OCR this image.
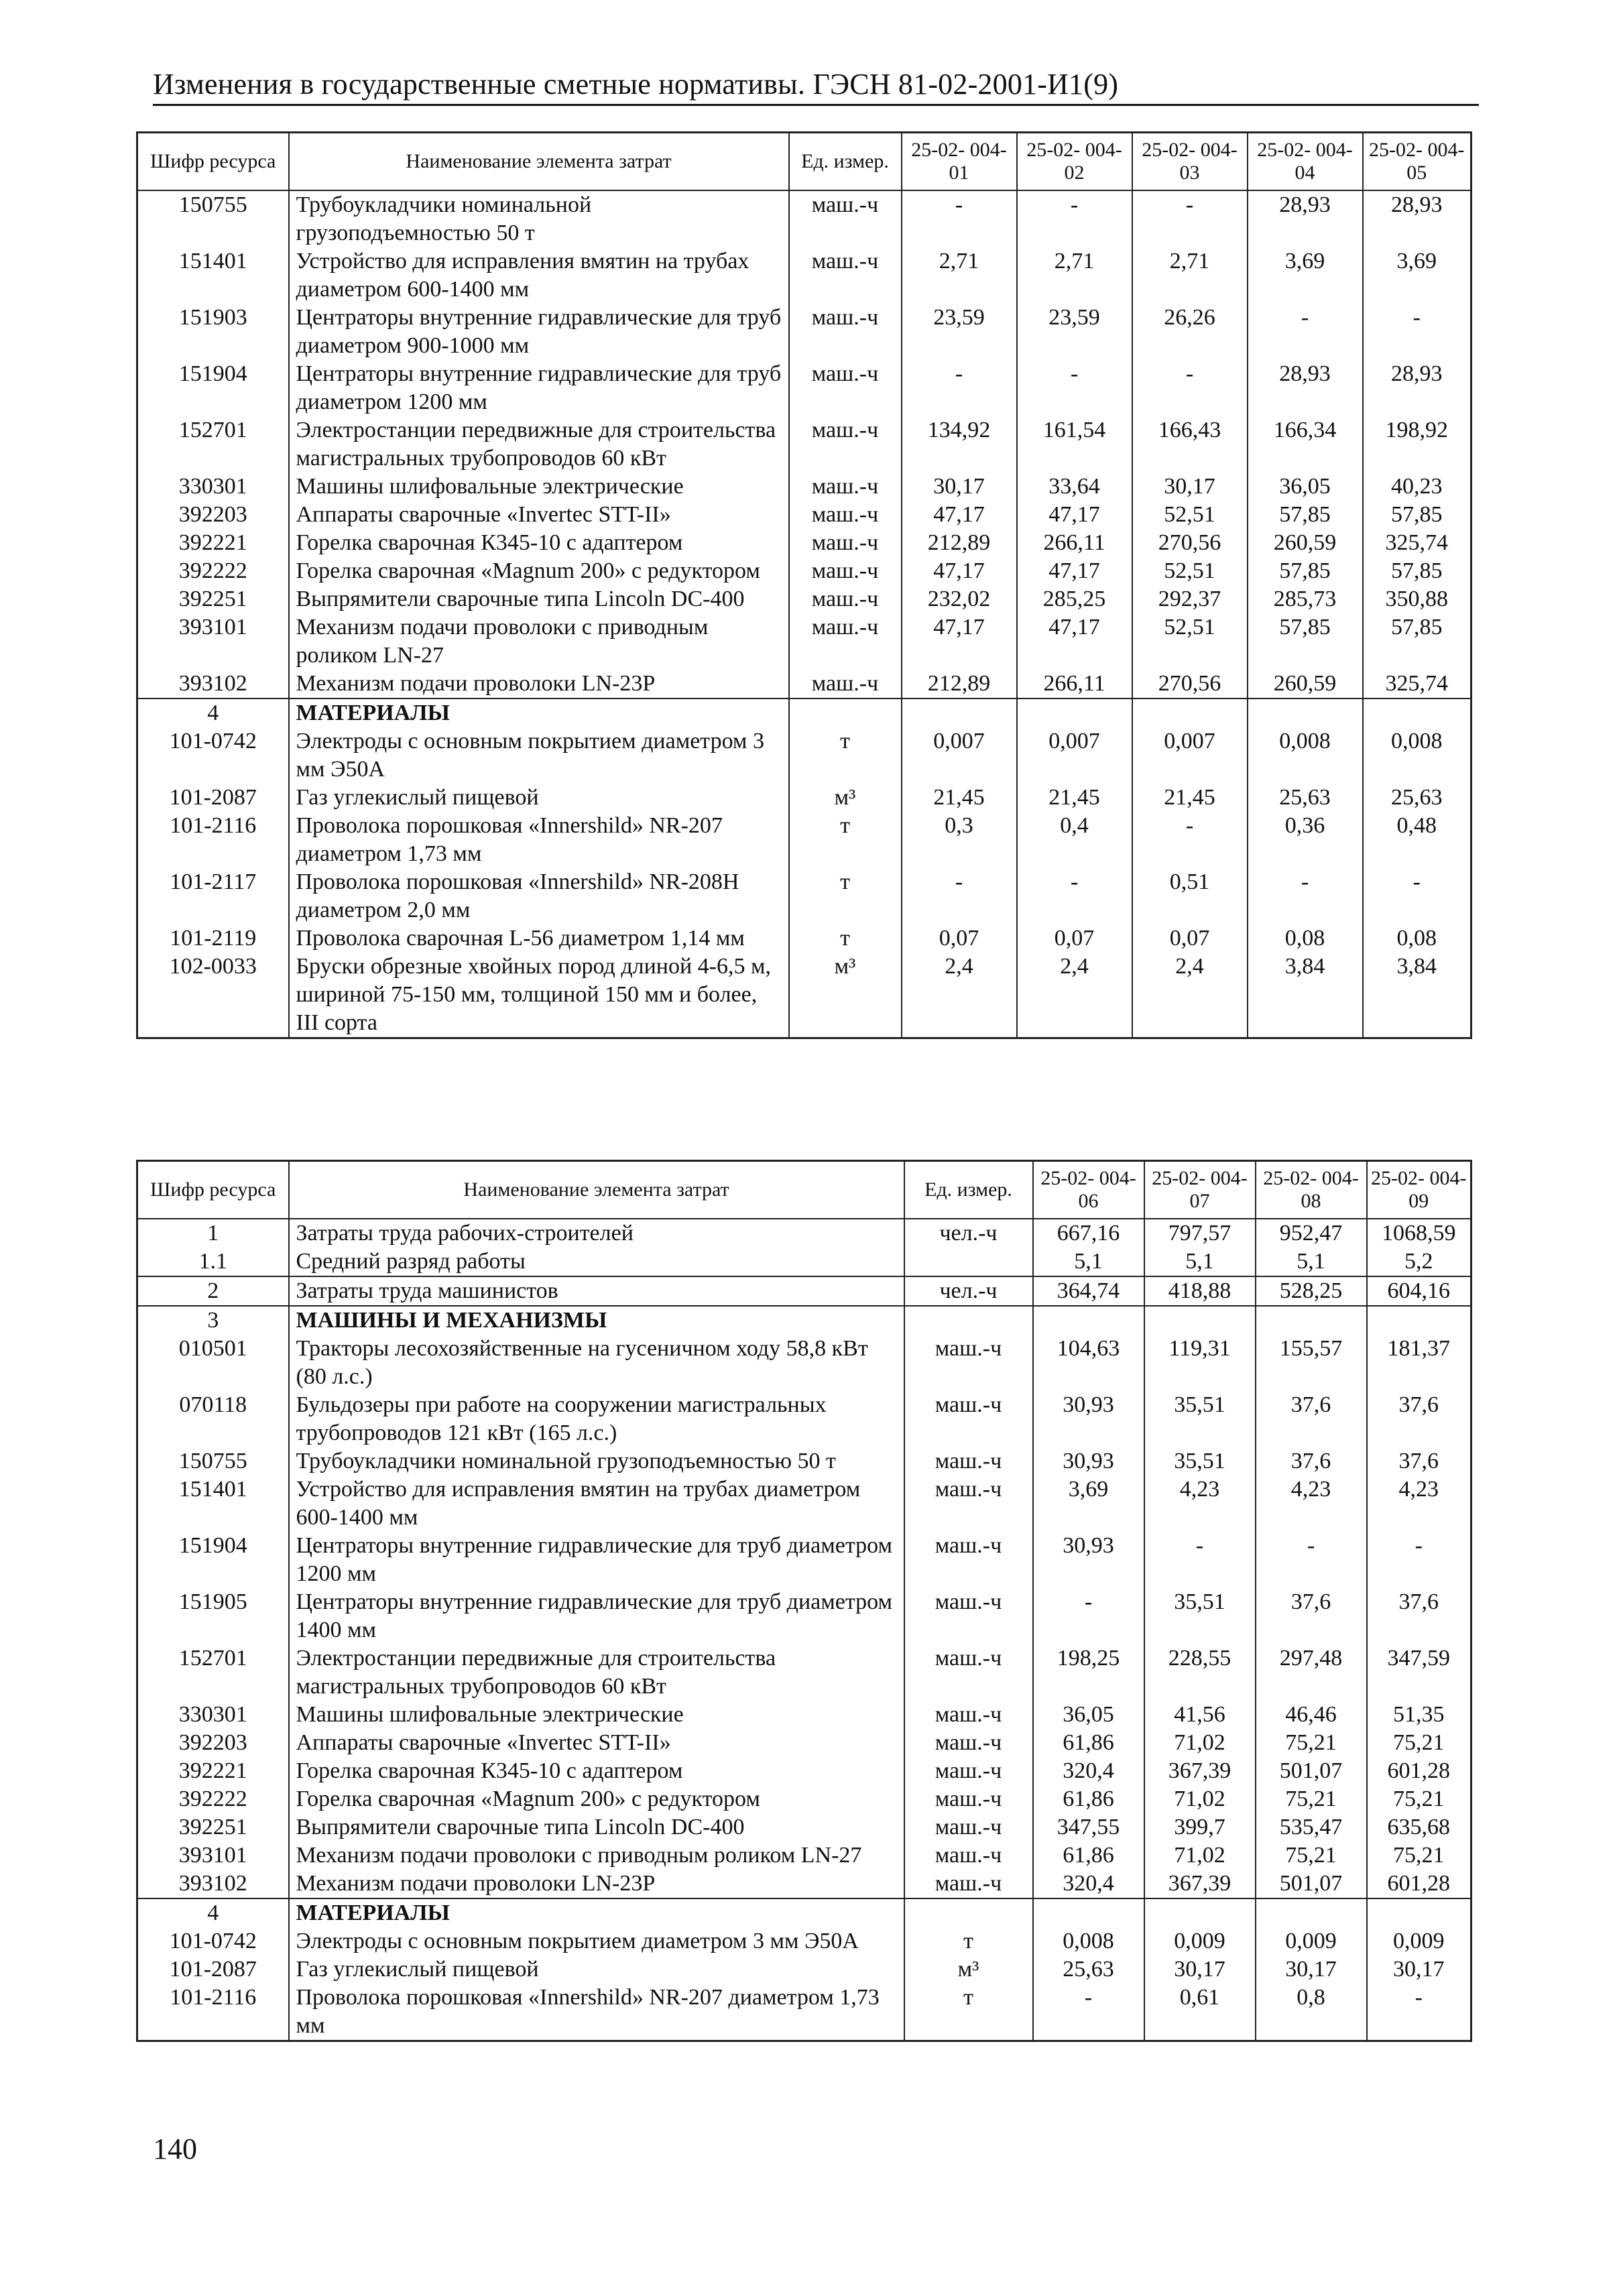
Изменения в государственные сметные нормативы. ГЭСН 81-02-2001-И1(9)
Шифр ресурса	Наименование элемента затрат	Ед. измер.	25-02- 004-01	25-02- 004-02	25-02- 004-03	25-02- 004-04	25-02- 004-05
150755	Трубоукладчики номинальной грузоподъемностью 50 т	маш.-ч	-	-	-	28,93	28,93
151401	Устройство для исправления вмятин на трубах диаметром 600-1400 мм	маш.-ч	2,71	2,71	2,71	3,69	3,69
151903	Центраторы внутренние гидравлические для труб диаметром 900-1000 мм	маш.-ч	23,59	23,59	26,26	-	-
151904	Центраторы внутренние гидравлические для труб диаметром 1200 мм	маш.-ч	-	-	-	28,93	28,93
152701	Электростанции передвижные для строительства магистральных трубопроводов 60 кВт	маш.-ч	134,92	161,54	166,43	166,34	198,92
330301	Машины шлифовальные электрические	маш.-ч	30,17	33,64	30,17	36,05	40,23
392203	Аппараты сварочные «Invertec STT-II»	маш.-ч	47,17	47,17	52,51	57,85	57,85
392221	Горелка сварочная К345-10 с адаптером	маш.-ч	212,89	266,11	270,56	260,59	325,74
392222	Горелка сварочная «Magnum 200» с редуктором	маш.-ч	47,17	47,17	52,51	57,85	57,85
392251	Выпрямители сварочные типа Lincoln DC-400	маш.-ч	232,02	285,25	292,37	285,73	350,88
393101	Механизм подачи проволоки с приводным роликом LN-27	маш.-ч	47,17	47,17	52,51	57,85	57,85
393102	Механизм подачи проволоки LN-23P	маш.-ч	212,89	266,11	270,56	260,59	325,74
4	МАТЕРИАЛЫ						
101-0742	Электроды с основным покрытием диаметром 3 мм Э50А	т	0,007	0,007	0,007	0,008	0,008
101-2087	Газ углекислый пищевой	м³	21,45	21,45	21,45	25,63	25,63
101-2116	Проволока порошковая «Innershild» NR-207 диаметром 1,73 мм	т	0,3	0,4	-	0,36	0,48
101-2117	Проволока порошковая «Innershild» NR-208H диаметром 2,0 мм	т	-	-	0,51	-	-
101-2119	Проволока сварочная L-56 диаметром 1,14 мм	т	0,07	0,07	0,07	0,08	0,08
102-0033	Бруски обрезные хвойных пород длиной 4-6,5 м, шириной 75-150 мм, толщиной 150 мм и более, III сорта	м³	2,4	2,4	2,4	3,84	3,84
Шифр ресурса	Наименование элемента затрат	Ед. измер.	25-02- 004-06	25-02- 004-07	25-02- 004-08	25-02- 004-09
1	Затраты труда рабочих-строителей	чел.-ч	667,16	797,57	952,47	1068,59
1.1	Средний разряд работы		5,1	5,1	5,1	5,2
2	Затраты труда машинистов	чел.-ч	364,74	418,88	528,25	604,16
3	МАШИНЫ И МЕХАНИЗМЫ					
010501	Тракторы лесохозяйственные на гусеничном ходу 58,8 кВт (80 л.с.)	маш.-ч	104,63	119,31	155,57	181,37
070118	Бульдозеры при работе на сооружении магистральных трубопроводов 121 кВт (165 л.с.)	маш.-ч	30,93	35,51	37,6	37,6
150755	Трубоукладчики номинальной грузоподъемностью 50 т	маш.-ч	30,93	35,51	37,6	37,6
151401	Устройство для исправления вмятин на трубах диаметром 600-1400 мм	маш.-ч	3,69	4,23	4,23	4,23
151904	Центраторы внутренние гидравлические для труб диаметром 1200 мм	маш.-ч	30,93	-	-	-
151905	Центраторы внутренние гидравлические для труб диаметром 1400 мм	маш.-ч	-	35,51	37,6	37,6
152701	Электростанции передвижные для строительства магистральных трубопроводов 60 кВт	маш.-ч	198,25	228,55	297,48	347,59
330301	Машины шлифовальные электрические	маш.-ч	36,05	41,56	46,46	51,35
392203	Аппараты сварочные «Invertec STT-II»	маш.-ч	61,86	71,02	75,21	75,21
392221	Горелка сварочная К345-10 с адаптером	маш.-ч	320,4	367,39	501,07	601,28
392222	Горелка сварочная «Magnum 200» с редуктором	маш.-ч	61,86	71,02	75,21	75,21
392251	Выпрямители сварочные типа Lincoln DC-400	маш.-ч	347,55	399,7	535,47	635,68
393101	Механизм подачи проволоки с приводным роликом LN-27	маш.-ч	61,86	71,02	75,21	75,21
393102	Механизм подачи проволоки LN-23P	маш.-ч	320,4	367,39	501,07	601,28
4	МАТЕРИАЛЫ					
101-0742	Электроды с основным покрытием диаметром 3 мм Э50А	т	0,008	0,009	0,009	0,009
101-2087	Газ углекислый пищевой	м³	25,63	30,17	30,17	30,17
101-2116	Проволока порошковая «Innershild» NR-207 диаметром 1,73 мм	т	-	0,61	0,8	-
140
